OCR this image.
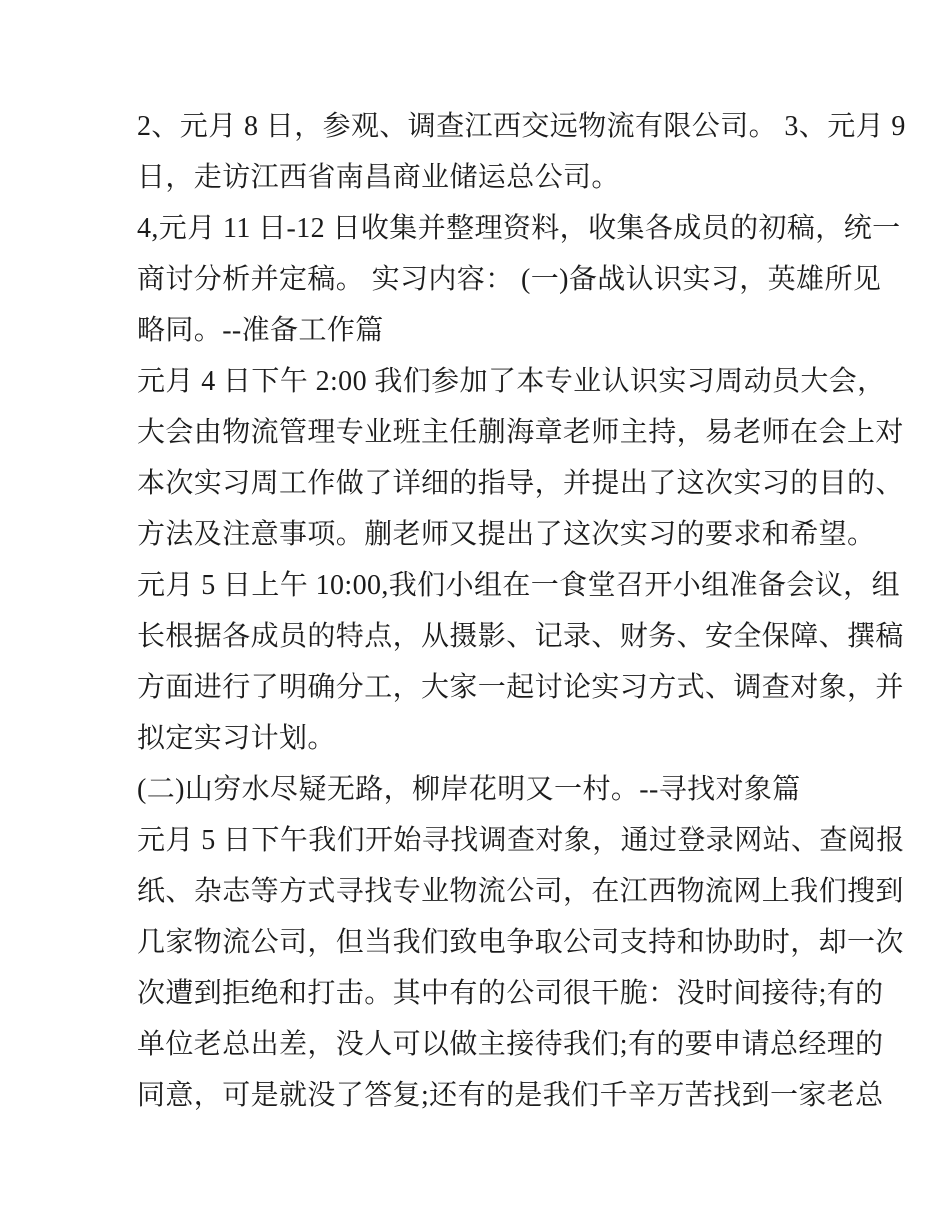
2、元月 8 日，参观、调查江西交远物流有限公司。 3、元月 9
日，走访江西省南昌商业储运总公司。
4,元月 11 日-12 日收集并整理资料，收集各成员的初稿，统一
商讨分析并定稿。 实习内容： (一)备战认识实习，英雄所见
略同。--准备工作篇
元月 4 日下午 2:00 我们参加了本专业认识实习周动员大会，
大会由物流管理专业班主任蒯海章老师主持，易老师在会上对
本次实习周工作做了详细的指导，并提出了这次实习的目的、
方法及注意事项。蒯老师又提出了这次实习的要求和希望。
元月 5 日上午 10:00,我们小组在一食堂召开小组准备会议，组
长根据各成员的特点，从摄影、记录、财务、安全保障、撰稿
方面进行了明确分工，大家一起讨论实习方式、调查对象，并
拟定实习计划。
(二)山穷水尽疑无路，柳岸花明又一村。--寻找对象篇
元月 5 日下午我们开始寻找调查对象，通过登录网站、查阅报
纸、杂志等方式寻找专业物流公司，在江西物流网上我们搜到
几家物流公司，但当我们致电争取公司支持和协助时，却一次
次遭到拒绝和打击。其中有的公司很干脆：没时间接待;有的
单位老总出差，没人可以做主接待我们;有的要申请总经理的
同意，可是就没了答复;还有的是我们千辛万苦找到一家老总
